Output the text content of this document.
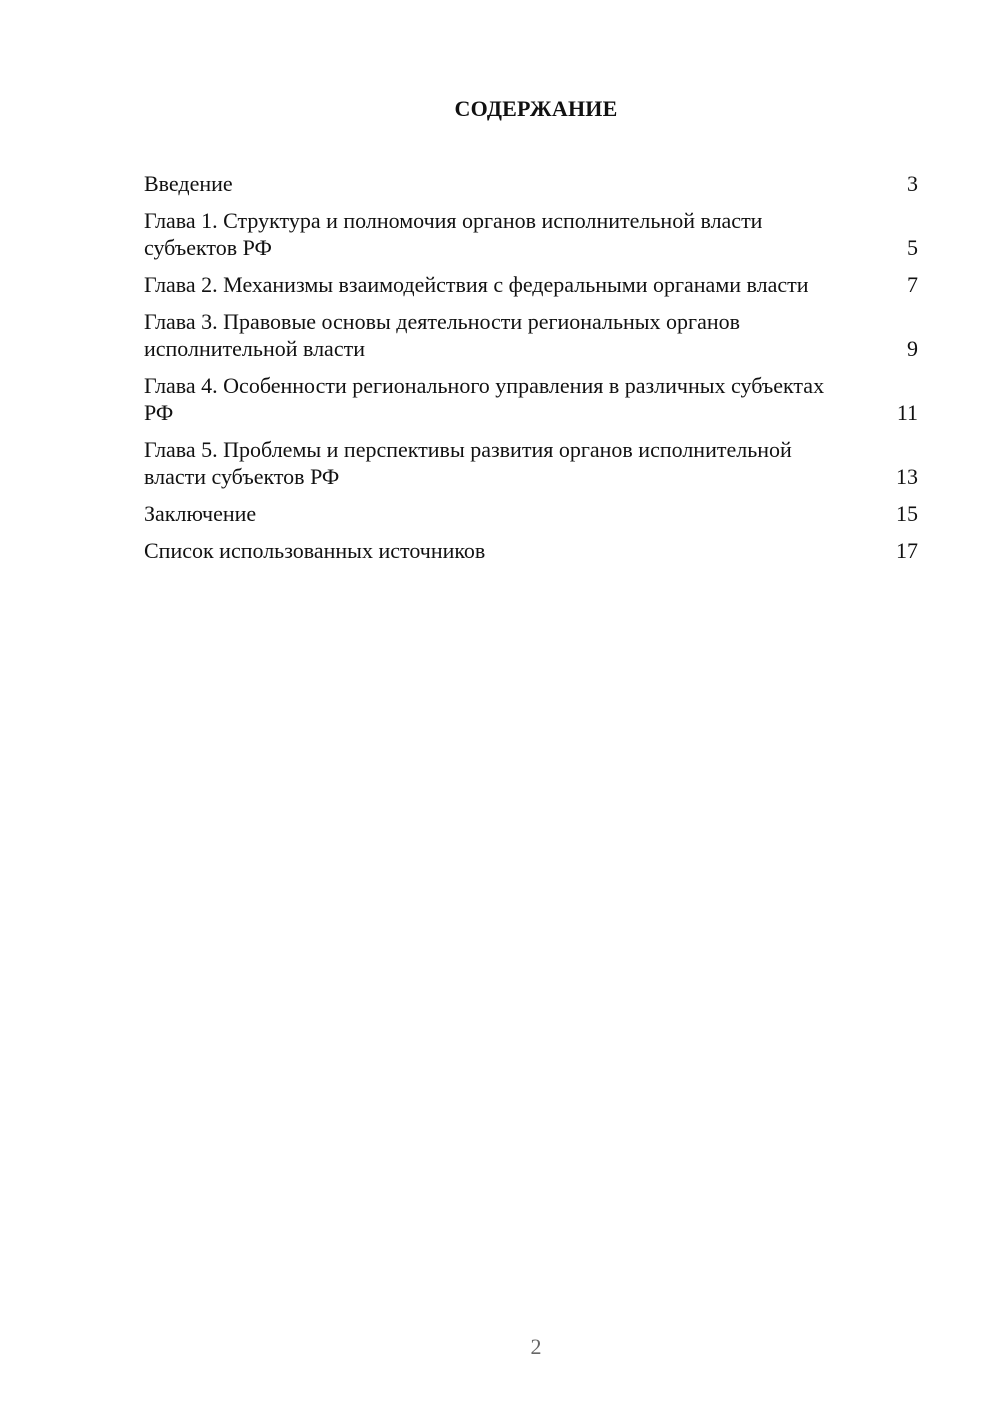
СОДЕРЖАНИЕ
Введение	3
Глава 1. Структура и полномочия органов исполнительной власти субъектов РФ	5
Глава 2. Механизмы взаимодействия с федеральными органами власти	7
Глава 3. Правовые основы деятельности региональных органов исполнительной власти	9
Глава 4. Особенности регионального управления в различных субъектах РФ	11
Глава 5. Проблемы и перспективы развития органов исполнительной власти субъектов РФ	13
Заключение	15
Список использованных источников	17
2
